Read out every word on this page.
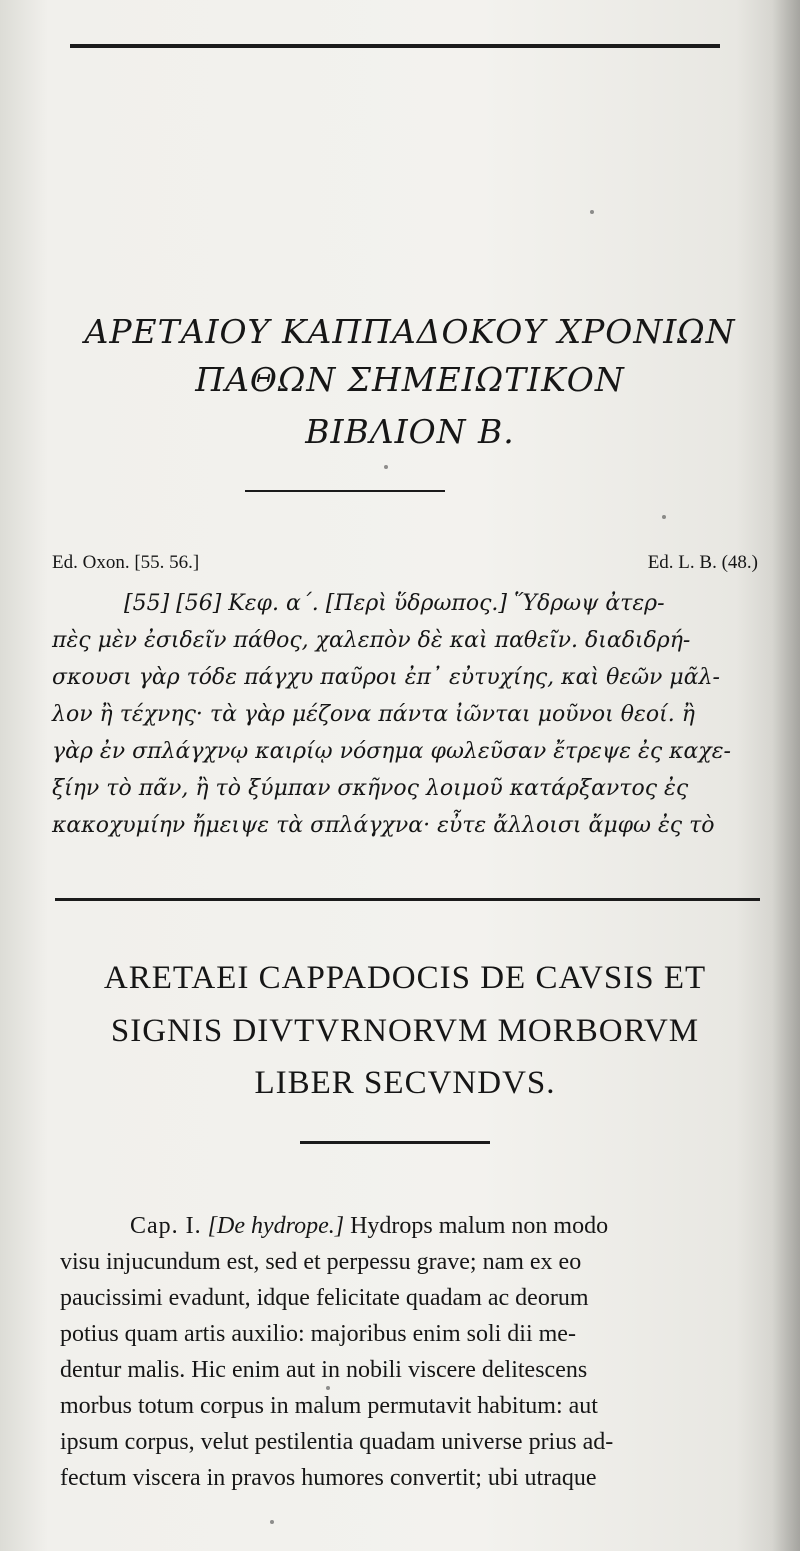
ΑΡΕΤΑΙΟΥ ΚΑΠΠΑΔΟΚΟΥ ΧΡΟΝΙΩΝ
ΠΑΘΩΝ ΣΗΜΕΙΩΤΙΚΟΝ
ΒΙΒΛΙΟΝ Β.
Ed. Oxon. [55. 56.]	Ed. L. B. (48.)
[55] [56] Κεφ. α΄. [Περὶ ὕδρωπος.] Ὕδρωψ ἀτερ-
πὲς μὲν ἐσιδεῖν πάθος, χαλεπὸν δὲ καὶ παθεῖν. διαδιδρή-
σκουσι γὰρ τόδε πάγχυ παῦροι ἐπ᾿ εὐτυχίης, καὶ θεῶν μᾶλ-
λον ἢ τέχνης· τὰ γὰρ μέζονα πάντα ἰῶνται μοῦνοι θεοί. ἢ
γὰρ ἐν σπλάγχνῳ καιρίῳ νόσημα φωλεῦσαν ἔτρεψε ἐς καχε-
ξίην τὸ πᾶν, ἢ τὸ ξύμπαν σκῆνος λοιμοῦ κατάρξαντος ἐς
κακοχυμίην ἤμειψε τὰ σπλάγχνα· εὖτε ἄλλοισι ἄμφω ἐς τὸ
ARETAEI CAPPADOCIS DE CAVSIS ET
SIGNIS DIVTVRNORVM MORBORVM
LIBER SECVNDVS.
Cap. I. [De hydrope.] Hydrops malum non modo
visu injucundum est, sed et perpessu grave; nam ex eo
paucissimi evadunt, idque felicitate quadam ac deorum
potius quam artis auxilio: majoribus enim soli dii me-
dentur malis. Hic enim aut in nobili viscere delitescens
morbus totum corpus in malum permutavit habitum: aut
ipsum corpus, velut pestilentia quadam universe prius ad-
fectum viscera in pravos humores convertit; ubi utraque
